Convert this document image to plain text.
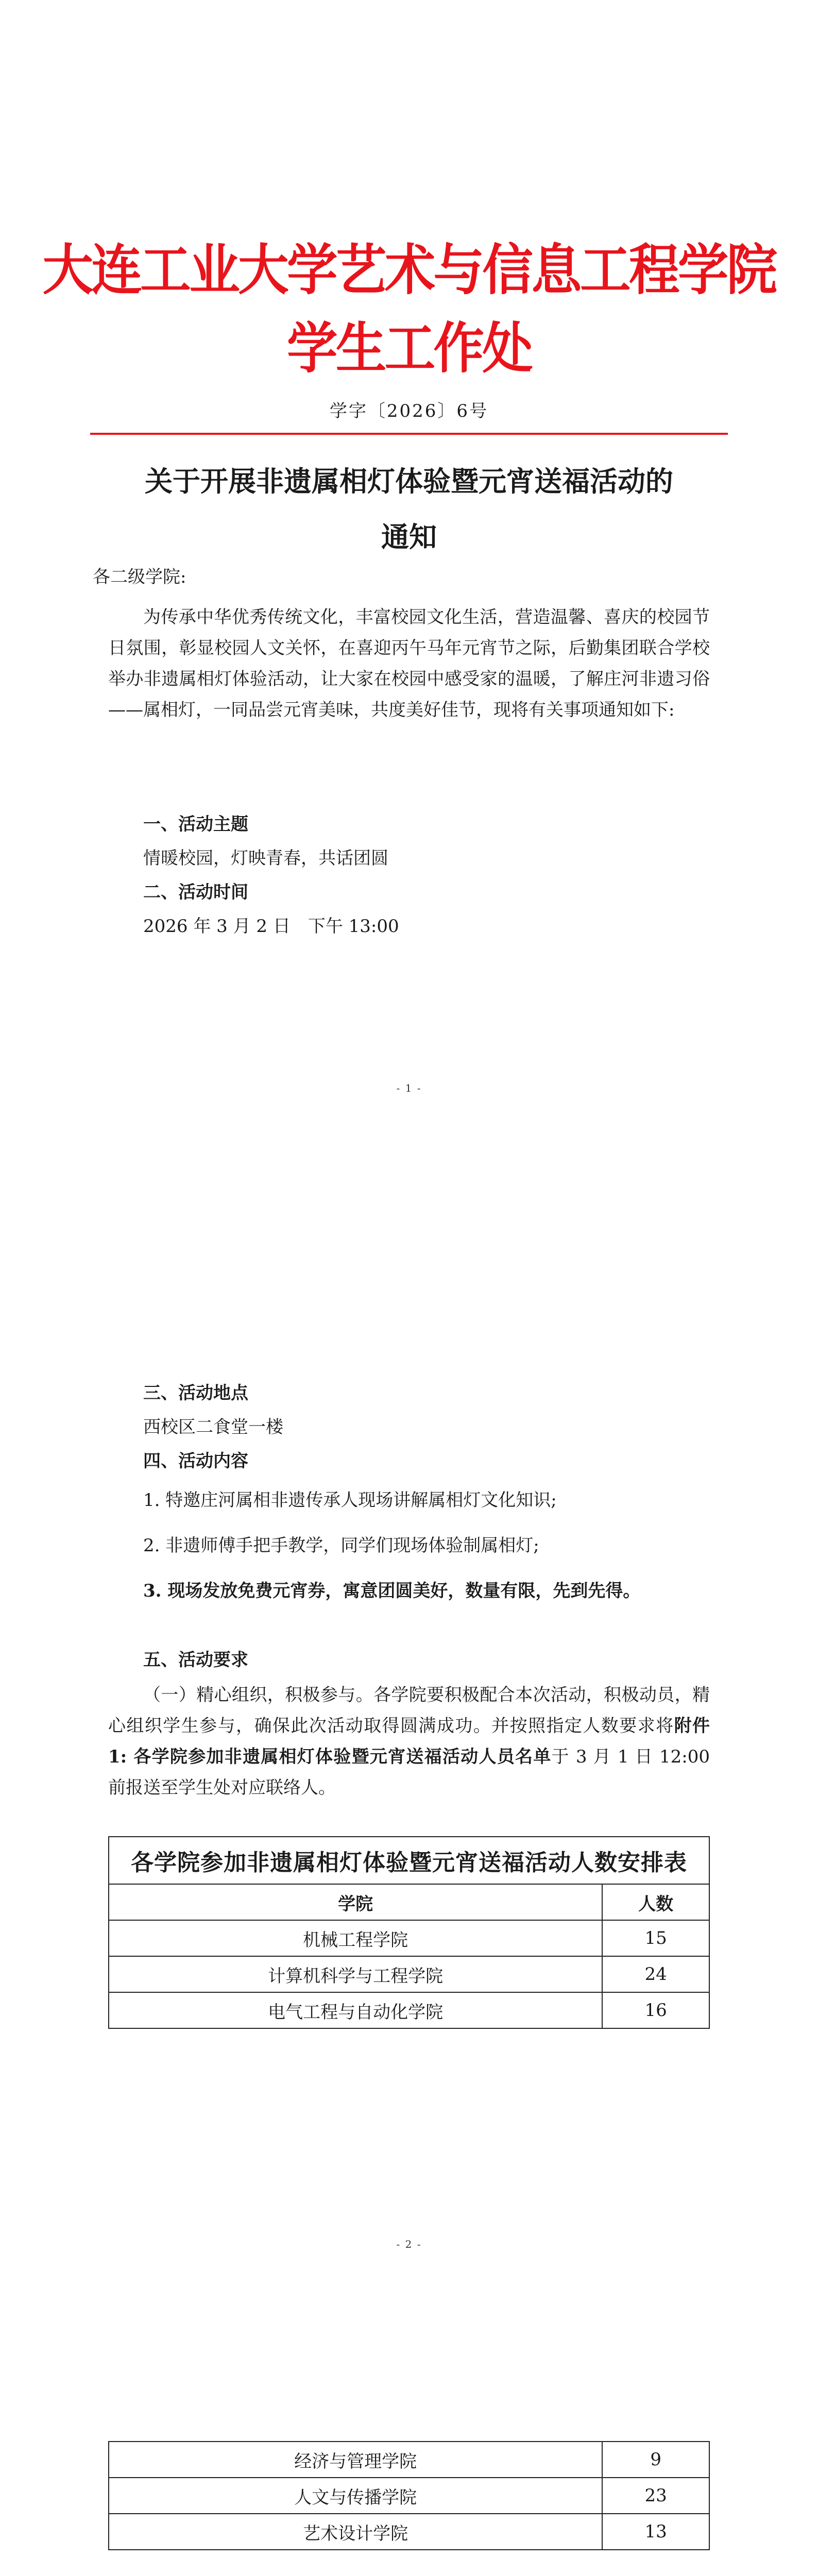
大连工业大学艺术与信息工程学院学生工作处
学字〔2026〕6号
关于开展非遗属相灯体验暨元宵送福活动的
通知
各二级学院:
为传承中华优秀传统文化，丰富校园文化生活，营造温馨、喜庆的校园节日氛围，彰显校园人文关怀，在喜迎丙午马年元宵节之际，后勤集团联合学校举办非遗属相灯体验活动，让大家在校园中感受家的温暖，了解庄河非遗习俗——属相灯，一同品尝元宵美味，共度美好佳节，现将有关事项通知如下:
一、活动主题
情暖校园，灯映青春，共话团圆
二、活动时间
2026 年 3 月 2 日　下午 13:00
- 1 -
三、活动地点
西校区二食堂一楼
四、活动内容
1. 特邀庄河属相非遗传承人现场讲解属相灯文化知识;
2. 非遗师傅手把手教学，同学们现场体验制属相灯;
3. 现场发放免费元宵券，寓意团圆美好，数量有限，先到先得。
五、活动要求
（一）精心组织，积极参与。各学院要积极配合本次活动，积极动员，精心组织学生参与，确保此次活动取得圆满成功。并按照指定人数要求将附件 1: 各学院参加非遗属相灯体验暨元宵送福活动人员名单于 3 月 1 日 12:00 前报送至学生处对应联络人。
各学院参加非遗属相灯体验暨元宵送福活动人数安排表	
学院	人数
机械工程学院	15
计算机科学与工程学院	24
电气工程与自动化学院	16
- 2 -
经济与管理学院	9
人文与传播学院	23
艺术设计学院	13
